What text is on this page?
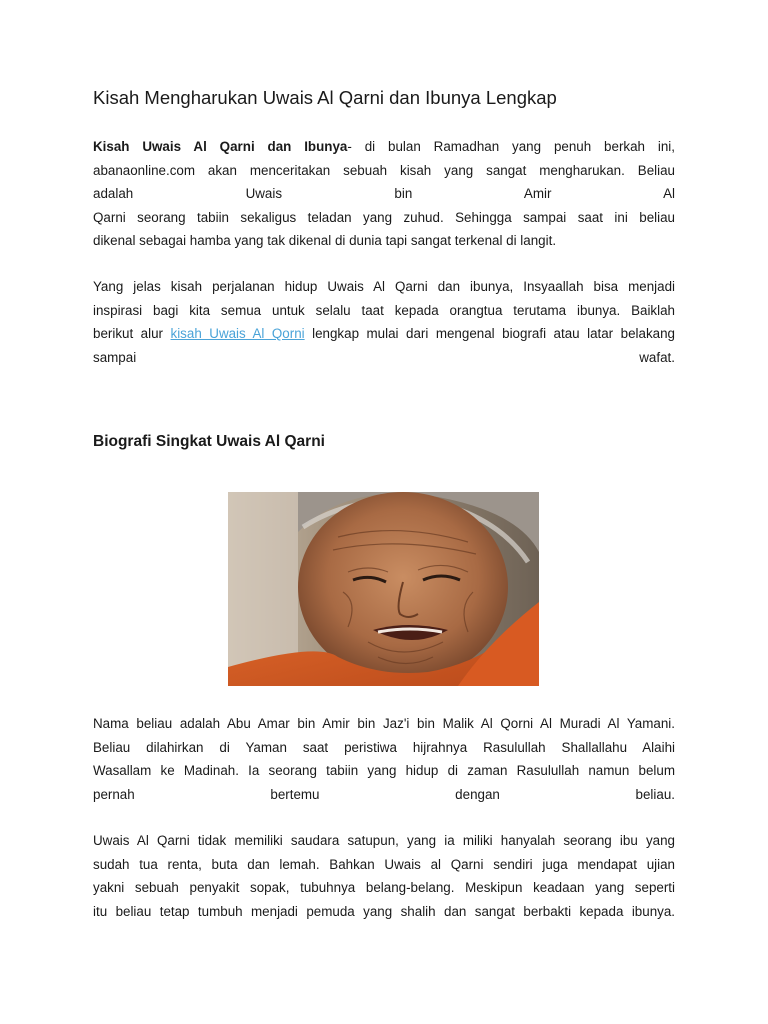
Kisah Mengharukan Uwais Al Qarni dan Ibunya Lengkap
Kisah Uwais Al Qarni dan Ibunya- di bulan Ramadhan yang penuh berkah ini,
abanaonline.com akan menceritakan sebuah kisah yang sangat mengharukan. Beliau
adalah Uwais bin Amir Al
Qarni seorang tabiin sekaligus teladan yang zuhud. Sehingga sampai saat ini beliau
dikenal sebagai hamba yang tak dikenal di dunia tapi sangat terkenal di langit.
Yang jelas kisah perjalanan hidup Uwais Al Qarni dan ibunya, Insyaallah bisa menjadi
inspirasi bagi kita semua untuk selalu taat kepada orangtua terutama ibunya. Baiklah
berikut alur kisah Uwais Al Qorni lengkap mulai dari mengenal biografi atau latar belakang
sampai wafat.
Biografi Singkat Uwais Al Qarni
Nama beliau adalah Abu Amar bin Amir bin Jaz'i bin Malik Al Qorni Al Muradi Al Yamani.
Beliau dilahirkan di Yaman saat peristiwa hijrahnya Rasulullah Shallallahu Alaihi
Wasallam ke Madinah. Ia seorang tabiin yang hidup di zaman Rasulullah namun belum
pernah bertemu dengan beliau.
Uwais Al Qarni tidak memiliki saudara satupun, yang ia miliki hanyalah seorang ibu yang
sudah tua renta, buta dan lemah. Bahkan Uwais al Qarni sendiri juga mendapat ujian
yakni sebuah penyakit sopak, tubuhnya belang-belang. Meskipun keadaan yang seperti
itu beliau tetap tumbuh menjadi pemuda yang shalih dan sangat berbakti kepada ibunya.
